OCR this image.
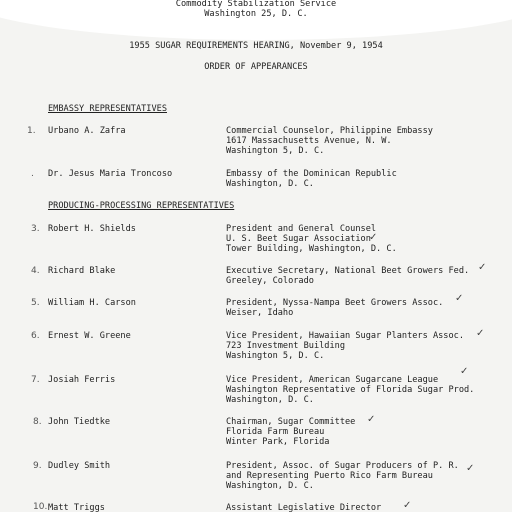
Commodity Stabilization Service
Washington 25, D. C.
1955 SUGAR REQUIREMENTS HEARING, November 9, 1954
ORDER OF APPEARANCES
EMBASSY REPRESENTATIVES
1. Urbano A. Zafra	Commercial Counselor, Philippine Embassy
1617 Massachusetts Avenue, N. W.
Washington 5, D. C.
. Dr. Jesus Maria Troncoso	Embassy of the Dominican Republic
Washington, D. C.
PRODUCING-PROCESSING REPRESENTATIVES
3. Robert H. Shields	President and General Counsel
U. S. Beet Sugar Association
✓
Tower Building, Washington, D. C.
4. Richard Blake	Executive Secretary, National Beet Growers Fed. ✓
Greeley, Colorado
5. William H. Carson	President, Nyssa-Nampa Beet Growers Assoc. ✓
Weiser, Idaho
6. Ernest W. Greene	Vice President, Hawaiian Sugar Planters Assoc. ✓
723 Investment Building
Washington 5, D. C.
7. Josiah Ferris	Vice President, American Sugarcane League
✓
Washington Representative of Florida Sugar Prod.
Washington, D. C.
8. John Tiedtke	Chairman, Sugar Committee ✓
Florida Farm Bureau
Winter Park, Florida
9. Dudley Smith	President, Assoc. of Sugar Producers of P. R. ✓
and Representing Puerto Rico Farm Bureau
Washington, D. C.
10. Matt Triggs	Assistant Legislative Director ✓
